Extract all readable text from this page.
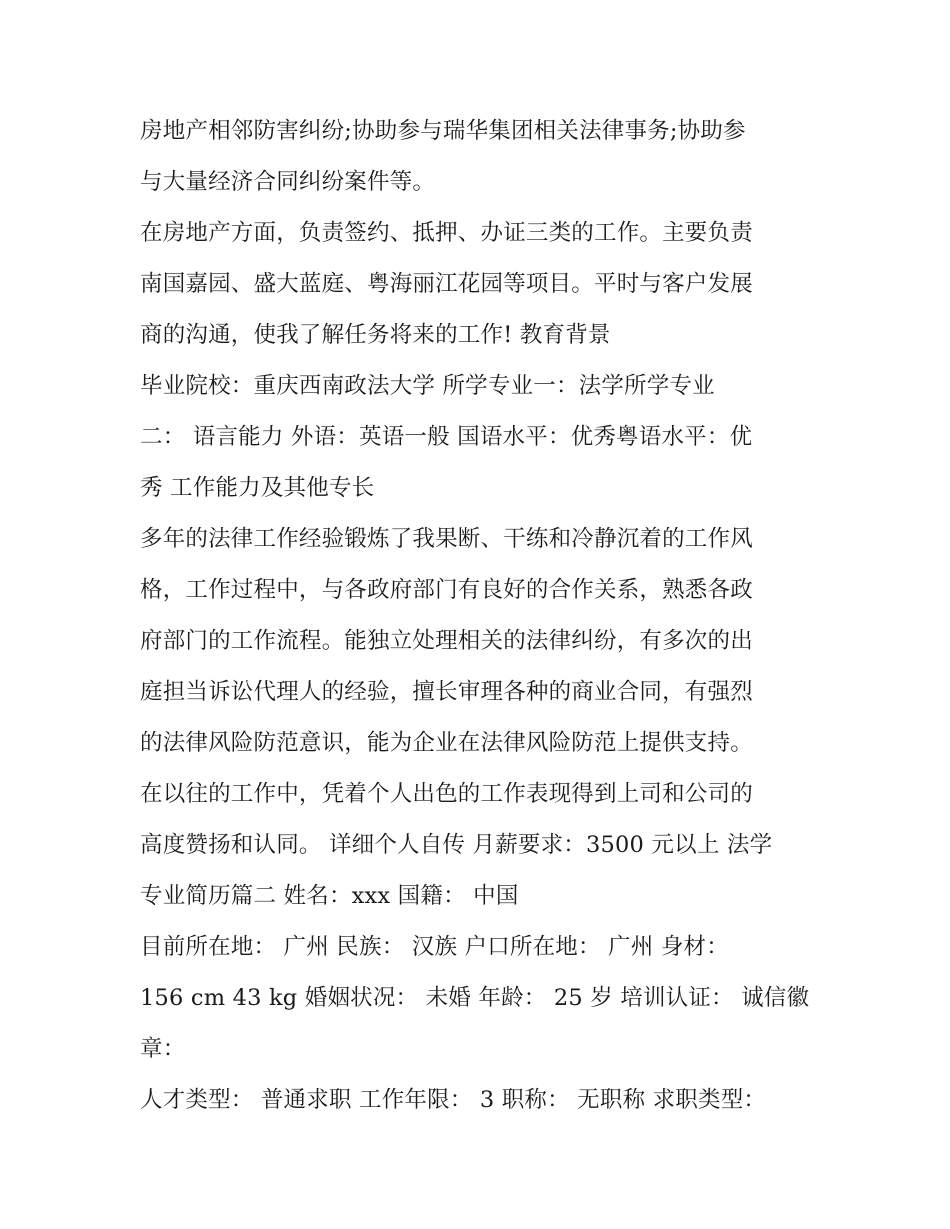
房地产相邻防害纠纷;协助参与瑞华集团相关法律事务;协助参
与大量经济合同纠纷案件等。
在房地产方面，负责签约、抵押、办证三类的工作。主要负责
南国嘉园、盛大蓝庭、粤海丽江花园等项目。平时与客户发展
商的沟通，使我了解任务将来的工作! 教育背景
毕业院校：重庆西南政法大学 所学专业一：法学所学专业
二： 语言能力 外语：英语一般 国语水平：优秀粤语水平：优
秀 工作能力及其他专长
多年的法律工作经验锻炼了我果断、干练和冷静沉着的工作风
格，工作过程中，与各政府部门有良好的合作关系，熟悉各政
府部门的工作流程。能独立处理相关的法律纠纷，有多次的出
庭担当诉讼代理人的经验，擅长审理各种的商业合同，有强烈
的法律风险防范意识，能为企业在法律风险防范上提供支持。
在以往的工作中，凭着个人出色的工作表现得到上司和公司的
高度赞扬和认同。 详细个人自传 月薪要求：3500 元以上 法学
专业简历篇二 姓名：xxx 国籍： 中国
目前所在地： 广州 民族： 汉族 户口所在地： 广州 身材：
156 cm 43 kg 婚姻状况： 未婚 年龄： 25 岁 培训认证： 诚信徽
章：
人才类型： 普通求职 工作年限： 3 职称： 无职称 求职类型：
